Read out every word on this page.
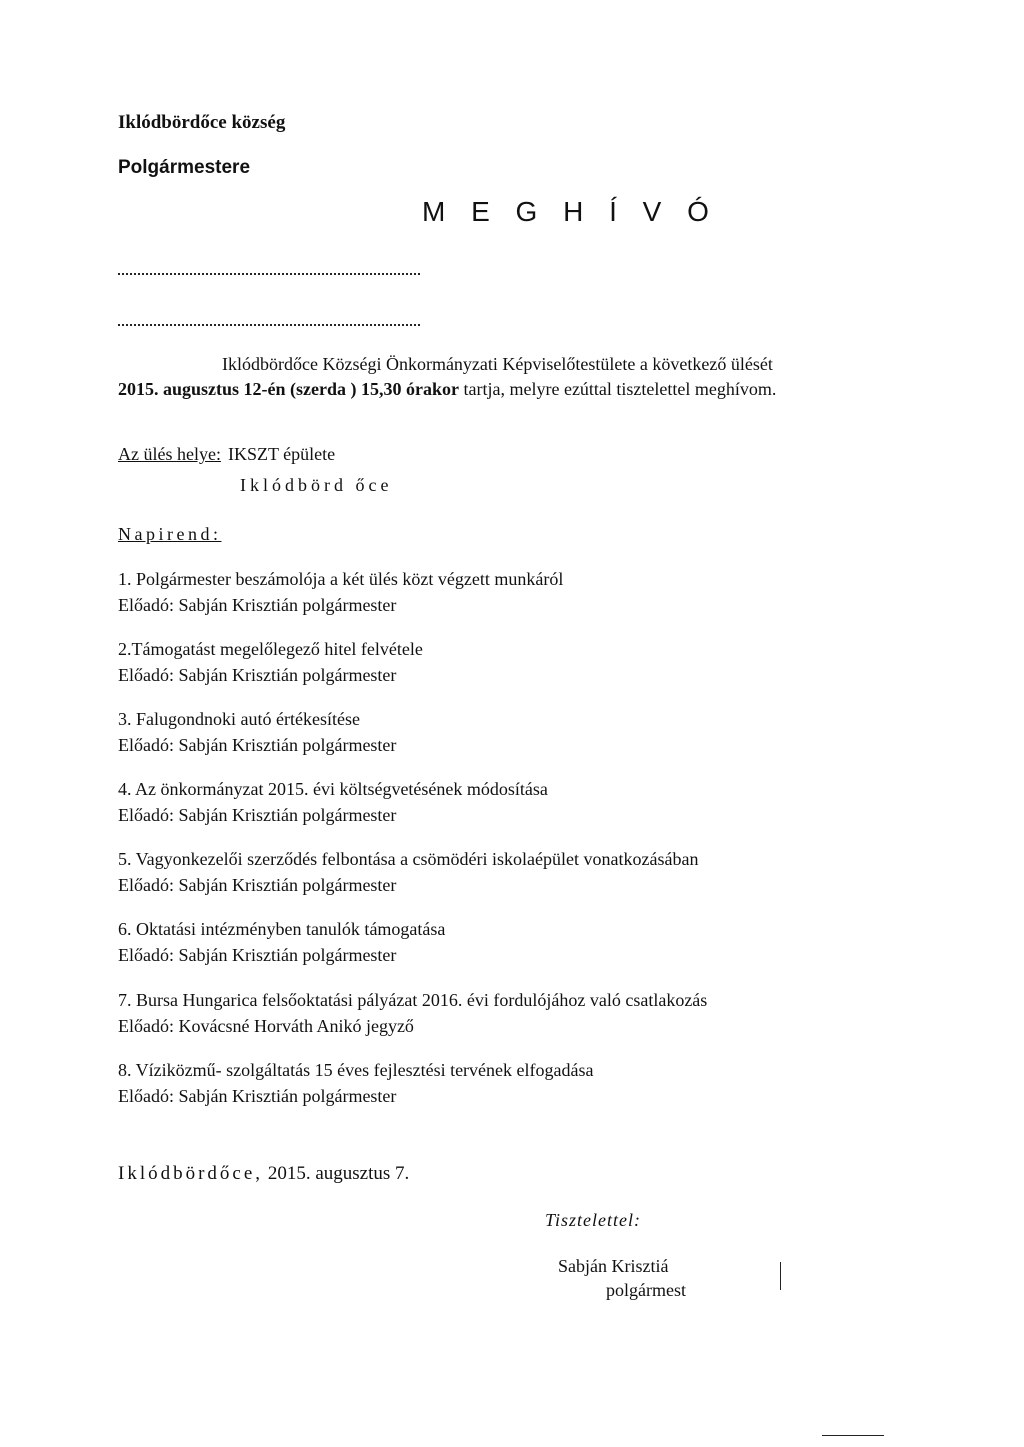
Iklódbördőce község
Polgármestere
M E G H Í V Ó
Iklódbördőce Községi Önkormányzati Képviselőtestülete a következő ülését
2015. augusztus 12-én (szerda ) 15,30 órakor tartja, melyre ezúttal tisztelettel meghívom.
Az ülés helye: IKSZT épülete
Iklódbörd őce
Napirend:
1. Polgármester beszámolója a két ülés közt végzett munkáról
Előadó: Sabján Krisztián polgármester
2.Támogatást megelőlegező hitel felvétele
Előadó: Sabján Krisztián polgármester
3. Falugondnoki autó értékesítése
Előadó: Sabján Krisztián polgármester
4. Az önkormányzat 2015. évi költségvetésének módosítása
Előadó: Sabján Krisztián polgármester
5. Vagyonkezelői szerződés felbontása a csömödéri iskolaépület vonatkozásában
Előadó: Sabján Krisztián polgármester
6. Oktatási intézményben tanulók támogatása
Előadó: Sabján Krisztián polgármester
7. Bursa Hungarica felsőoktatási pályázat 2016. évi fordulójához való csatlakozás
Előadó: Kovácsné Horváth Anikó jegyző
8. Víziközmű- szolgáltatás 15 éves fejlesztési tervének elfogadása
Előadó: Sabján Krisztián polgármester
Iklódbördőce, 2015. augusztus 7.
Tisztelettel:
Sabján Krisztiá
polgármest
